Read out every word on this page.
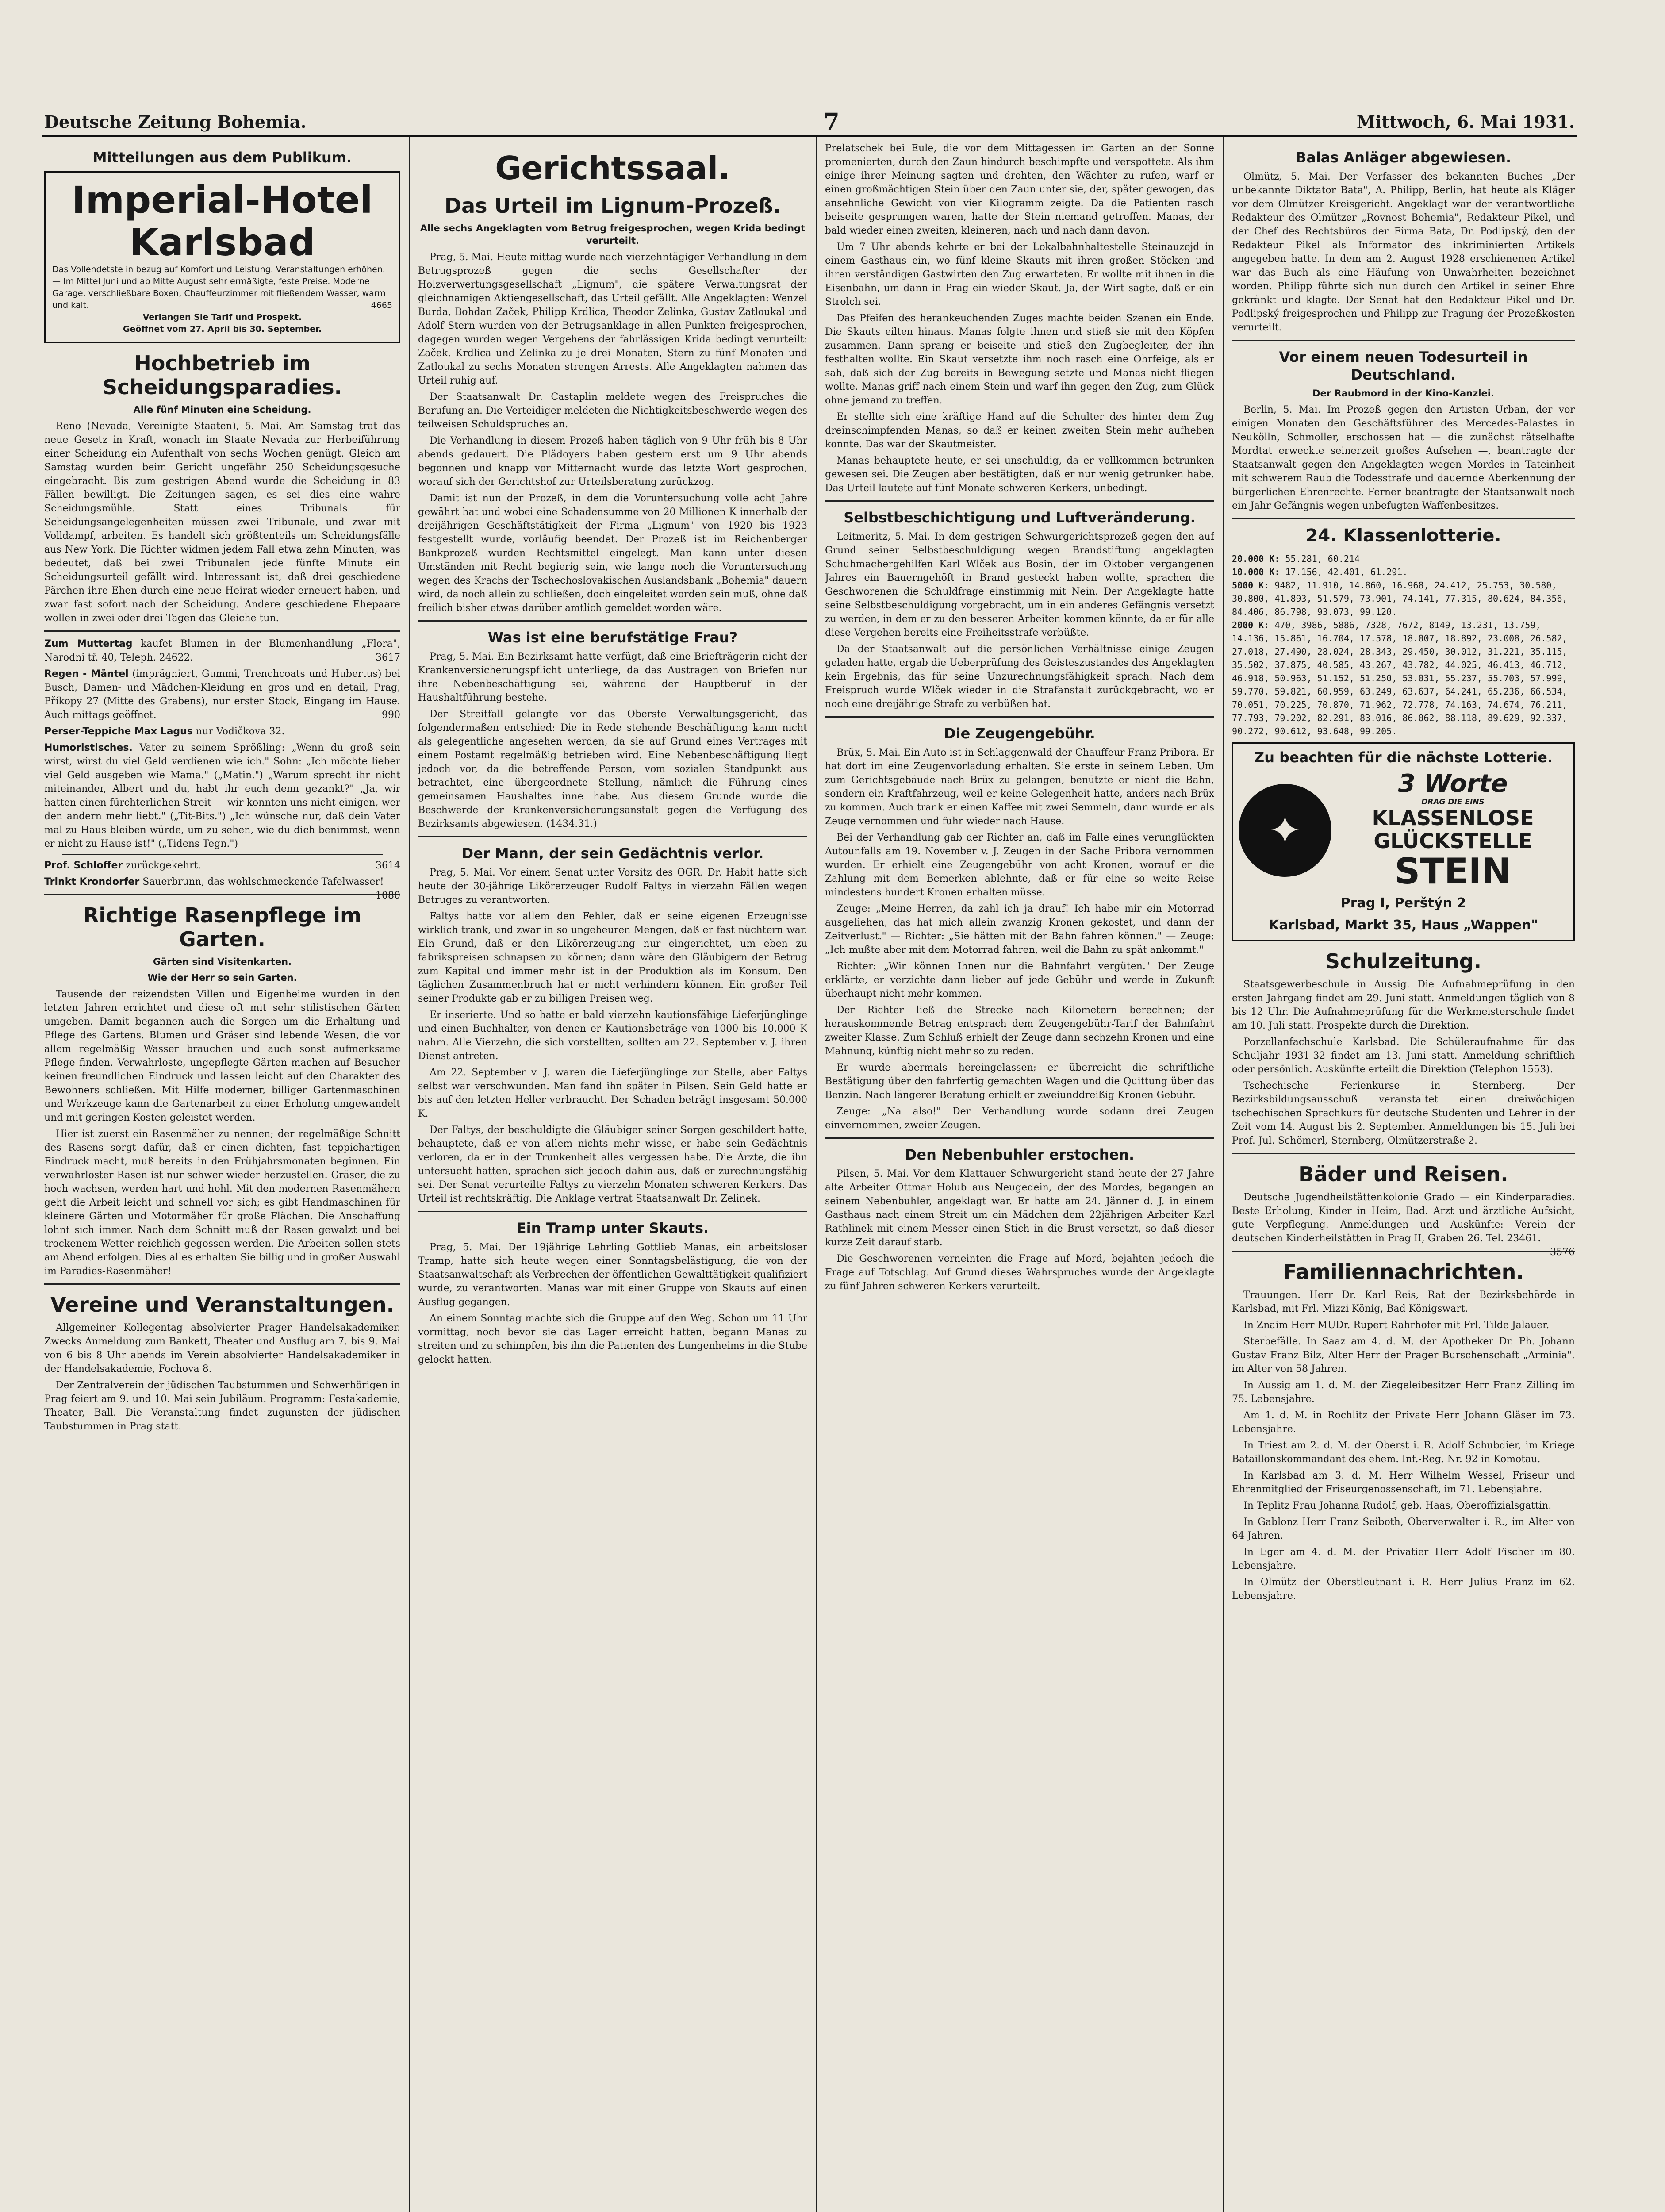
Deutsche Zeitung Bohemia.	7	Mittwoch, 6. Mai 1931.
Mitteilungen aus dem Publikum.
Imperial-Hotel
Karlsbad
Das Vollendetste in bezug auf Komfort und Leistung. Veranstaltungen erhöhen. — Im Mittel Juni und ab Mitte August sehr ermäßigte, feste Preise. Moderne Garage, verschließbare Boxen, Chauffeurzimmer mit fließendem Wasser, warm und kalt.	4665
Verlangen Sie Tarif und Prospekt.
Geöffnet vom 27. April bis 30. September.
Hochbetrieb im Scheidungsparadies.
Alle fünf Minuten eine Scheidung.

Reno (Nevada, Vereinigte Staaten), 5. Mai. Am Samstag trat das neue Gesetz in Kraft, wonach im Staate Nevada zur Herbeiführung einer Scheidung ein Aufenthalt von sechs Wochen genügt. Gleich am Samstag wurden beim Gericht ungefähr 250 Scheidungsgesuche eingebracht. Bis zum gestrigen Abend wurde die Scheidung in 83 Fällen bewilligt. Die Zeitungen sagen, es sei dies eine wahre Scheidungsmühle. Statt eines Tribunals für Scheidungsangelegenheiten müssen zwei Tribunale, und zwar mit Volldampf, arbeiten. Es handelt sich größtenteils um Scheidungsfälle aus New York. Die Richter widmen jedem Fall etwa zehn Minuten, was bedeutet, daß bei zwei Tribunalen jede fünfte Minute ein Scheidungsurteil gefällt wird. Interessant ist, daß drei geschiedene Pärchen ihre Ehen durch eine neue Heirat wieder erneuert haben, und zwar fast sofort nach der Scheidung. Andere geschiedene Ehepaare wollen in zwei oder drei Tagen das Gleiche tun.

Zum Muttertag kaufet Blumen in der Blumenhandlung „Flora", Narodni tř. 40, Teleph. 24622.	3617
Regen - Mäntel (imprägniert, Gummi, Trenchcoats und Hubertus) bei Busch, Damen- und Mädchen-Kleidung en gros und en detail, Prag, Příkopy 27 (Mitte des Grabens), nur erster Stock, Eingang im Hause. Auch mittags geöffnet.	990
Perser-Teppiche Max Lagus nur Vodičkova 32.
Humoristisches. Vater zu seinem Sprößling: „Wenn du groß sein wirst, wirst du viel Geld verdienen wie ich." Sohn: „Ich möchte lieber viel Geld ausgeben wie Mama." („Matin.") „Warum sprecht ihr nicht miteinander, Albert und du, habt ihr euch denn gezankt?" „Ja, wir hatten einen fürchterlichen Streit — wir konnten uns nicht einigen, wer den andern mehr liebt." („Tit-Bits.") „Ich wünsche nur, daß dein Vater mal zu Haus bleiben würde, um zu sehen, wie du dich benimmst, wenn er nicht zu Hause ist!" („Tidens Tegn.")
Prof. Schloffer zurückgekehrt.	3614
Trinkt Krondorfer Sauerbrunn, das wohlschmeckende Tafelwasser!
1080
Richtige Rasenpflege im Garten.
Gärten sind Visitenkarten.
Wie der Herr so sein Garten.

Tausende der reizendsten Villen und Eigenheime wurden in den letzten Jahren errichtet und diese oft mit sehr stilistischen Gärten umgeben. Damit begannen auch die Sorgen um die Erhaltung und Pflege des Gartens. Blumen und Gräser sind lebende Wesen, die vor allem regelmäßig Wasser brauchen und auch sonst aufmerksame Pflege finden. Verwahrloste, ungepflegte Gärten machen auf Besucher keinen freundlichen Eindruck und lassen leicht auf den Charakter des Bewohners schließen. Mit Hilfe moderner, billiger Gartenmaschinen und Werkzeuge kann die Gartenarbeit zu einer Erholung umgewandelt und mit geringen Kosten geleistet werden.

Hier ist zuerst ein Rasenmäher zu nennen; der regelmäßige Schnitt des Rasens sorgt dafür, daß er einen dichten, fast teppichartigen Eindruck macht, muß bereits in den Frühjahrsmonaten beginnen. Ein verwahrloster Rasen ist nur schwer wieder herzustellen. Gräser, die zu hoch wachsen, werden hart und hohl. Mit den modernen Rasenmähern geht die Arbeit leicht und schnell vor sich; es gibt Handmaschinen für kleinere Gärten und Motormäher für große Flächen. Die Anschaffung lohnt sich immer. Nach dem Schnitt muß der Rasen gewalzt und bei trockenem Wetter reichlich gegossen werden. Die Arbeiten sollen stets am Abend erfolgen. Dies alles erhalten Sie billig und in großer Auswahl im Paradies-Rasenmäher!

Vereine und Veranstaltungen.

Allgemeiner Kollegentag absolvierter Prager Handelsakademiker. Zwecks Anmeldung zum Bankett, Theater und Ausflug am 7. bis 9. Mai von 6 bis 8 Uhr abends im Verein absolvierter Handelsakademiker in der Handelsakademie, Fochova 8.

Der Zentralverein der jüdischen Taubstummen und Schwerhörigen in Prag feiert am 9. und 10. Mai sein Jubiläum. Programm: Festakademie, Theater, Ball. Die Veranstaltung findet zugunsten der jüdischen Taubstummen in Prag statt.

Gerichtssaal.
Das Urteil im Lignum-Prozeß.
Alle sechs Angeklagten vom Betrug freigesprochen, wegen Krida bedingt verurteilt.

Prag, 5. Mai. Heute mittag wurde nach vierzehntägiger Verhandlung in dem Betrugsprozeß gegen die sechs Gesellschafter der Holzverwertungsgesellschaft „Lignum", die spätere Verwaltungsrat der gleichnamigen Aktiengesellschaft, das Urteil gefällt. Alle Angeklagten: Wenzel Burda, Bohdan Začek, Philipp Krdlica, Theodor Zelinka, Gustav Zatloukal und Adolf Stern wurden von der Betrugsanklage in allen Punkten freigesprochen, dagegen wurden wegen Vergehens der fahrlässigen Krida bedingt verurteilt: Začek, Krdlica und Zelinka zu je drei Monaten, Stern zu fünf Monaten und Zatloukal zu sechs Monaten strengen Arrests. Alle Angeklagten nahmen das Urteil ruhig auf.

Der Staatsanwalt Dr. Castaplin meldete wegen des Freispruches die Berufung an. Die Verteidiger meldeten die Nichtigkeitsbeschwerde wegen des teilweisen Schuldspruches an.

Die Verhandlung in diesem Prozeß haben täglich von 9 Uhr früh bis 8 Uhr abends gedauert. Die Plädoyers haben gestern erst um 9 Uhr abends begonnen und knapp vor Mitternacht wurde das letzte Wort gesprochen, worauf sich der Gerichtshof zur Urteilsberatung zurückzog.

Damit ist nun der Prozeß, in dem die Voruntersuchung volle acht Jahre gewährt hat und wobei eine Schadensumme von 20 Millionen K innerhalb der dreijährigen Geschäftstätigkeit der Firma „Lignum" von 1920 bis 1923 festgestellt wurde, vorläufig beendet. Der Prozeß ist im Reichenberger Bankprozeß wurden Rechtsmittel eingelegt. Man kann unter diesen Umständen mit Recht begierig sein, wie lange noch die Voruntersuchung wegen des Krachs der Tschechoslovakischen Auslandsbank „Bohemia" dauern wird, da noch allein zu schließen, doch eingeleitet worden sein muß, ohne daß freilich bisher etwas darüber amtlich gemeldet worden wäre.

Was ist eine berufstätige Frau?

Prag, 5. Mai. Ein Bezirksamt hatte verfügt, daß eine Briefträgerin nicht der Krankenversicherungspflicht unterliege, da das Austragen von Briefen nur ihre Nebenbeschäftigung sei, während der Hauptberuf in der Haushaltführung bestehe.

Der Streitfall gelangte vor das Oberste Verwaltungsgericht, das folgendermaßen entschied: Die in Rede stehende Beschäftigung kann nicht als gelegentliche angesehen werden, da sie auf Grund eines Vertrages mit einem Postamt regelmäßig betrieben wird. Eine Nebenbeschäftigung liegt jedoch vor, da die betreffende Person, vom sozialen Standpunkt aus betrachtet, eine übergeordnete Stellung, nämlich die Führung eines gemeinsamen Haushaltes inne habe. Aus diesem Grunde wurde die Beschwerde der Krankenversicherungsanstalt gegen die Verfügung des Bezirksamts abgewiesen. (1434.31.)

Der Mann, der sein Gedächtnis verlor.

Prag, 5. Mai. Vor einem Senat unter Vorsitz des OGR. Dr. Habit hatte sich heute der 30-jährige Likörerzeuger Rudolf Faltys in vierzehn Fällen wegen Betruges zu verantworten.

Faltys hatte vor allem den Fehler, daß er seine eigenen Erzeugnisse wirklich trank, und zwar in so ungeheuren Mengen, daß er fast nüchtern war. Ein Grund, daß er den Likörerzeugung nur eingerichtet, um eben zu fabrikspreisen schnapsen zu können; dann wäre den Gläubigern der Betrug zum Kapital und immer mehr ist in der Produktion als im Konsum. Den täglichen Zusammenbruch hat er nicht verhindern können. Ein großer Teil seiner Produkte gab er zu billigen Preisen weg.

Er inserierte. Und so hatte er bald vierzehn kautionsfähige Lieferjünglinge und einen Buchhalter, von denen er Kautionsbeträge von 1000 bis 10.000 K nahm. Alle Vierzehn, die sich vorstellten, sollten am 22. September v. J. ihren Dienst antreten.

Am 22. September v. J. waren die Lieferjünglinge zur Stelle, aber Faltys selbst war verschwunden. Man fand ihn später in Pilsen. Sein Geld hatte er bis auf den letzten Heller verbraucht. Der Schaden beträgt insgesamt 50.000 K.

Der Faltys, der beschuldigte die Gläubiger seiner Sorgen geschildert hatte, behauptete, daß er von allem nichts mehr wisse, er habe sein Gedächtnis verloren, da er in der Trunkenheit alles vergessen habe. Die Ärzte, die ihn untersucht hatten, sprachen sich jedoch dahin aus, daß er zurechnungsfähig sei. Der Senat verurteilte Faltys zu vierzehn Monaten schweren Kerkers. Das Urteil ist rechtskräftig. Die Anklage vertrat Staatsanwalt Dr. Zelinek.

Ein Tramp unter Skauts.

Prag, 5. Mai. Der 19jährige Lehrling Gottlieb Manas, ein arbeitsloser Tramp, hatte sich heute wegen einer Sonntagsbelästigung, die von der Staatsanwaltschaft als Verbrechen der öffentlichen Gewalttätigkeit qualifiziert wurde, zu verantworten. Manas war mit einer Gruppe von Skauts auf einen Ausflug gegangen.

An einem Sonntag machte sich die Gruppe auf den Weg. Schon um 11 Uhr vormittag, noch bevor sie das Lager erreicht hatten, begann Manas zu streiten und zu schimpfen, bis ihn die Patienten des Lungenheims in die Stube gelockt hatten.

Prelatschek bei Eule, die vor dem Mittagessen im Garten an der Sonne promenierten, durch den Zaun hindurch beschimpfte und verspottete. Als ihm einige ihrer Meinung sagten und drohten, den Wächter zu rufen, warf er einen großmächtigen Stein über den Zaun unter sie, der, später gewogen, das ansehnliche Gewicht von vier Kilogramm zeigte. Da die Patienten rasch beiseite gesprungen waren, hatte der Stein niemand getroffen. Manas, der bald wieder einen zweiten, kleineren, nach und nach dann davon.

Um 7 Uhr abends kehrte er bei der Lokalbahnhaltestelle Steinauzejd in einem Gasthaus ein, wo fünf kleine Skauts mit ihren großen Stöcken und ihren verständigen Gastwirten den Zug erwarteten. Er wollte mit ihnen in die Eisenbahn, um dann in Prag ein wieder Skaut. Ja, der Wirt sagte, daß er ein Strolch sei.

Das Pfeifen des herankeuchenden Zuges machte beiden Szenen ein Ende. Die Skauts eilten hinaus. Manas folgte ihnen und stieß sie mit den Köpfen zusammen. Dann sprang er beiseite und stieß den Zugbegleiter, der ihn festhalten wollte. Ein Skaut versetzte ihm noch rasch eine Ohrfeige, als er sah, daß sich der Zug bereits in Bewegung setzte und Manas nicht fliegen wollte. Manas griff nach einem Stein und warf ihn gegen den Zug, zum Glück ohne jemand zu treffen.

Er stellte sich eine kräftige Hand auf die Schulter des hinter dem Zug dreinschimpfenden Manas, so daß er keinen zweiten Stein mehr aufheben konnte. Das war der Skautmeister.

Manas behauptete heute, er sei unschuldig, da er vollkommen betrunken gewesen sei. Die Zeugen aber bestätigten, daß er nur wenig getrunken habe. Das Urteil lautete auf fünf Monate schweren Kerkers, unbedingt.

Selbstbeschichtigung und Luftveränderung.

Leitmeritz, 5. Mai. In dem gestrigen Schwurgerichtsprozeß gegen den auf Grund seiner Selbstbeschuldigung wegen Brandstiftung angeklagten Schuhmachergehilfen Karl Wlček aus Bosin, der im Oktober vergangenen Jahres ein Bauerngehöft in Brand gesteckt haben wollte, sprachen die Geschworenen die Schuldfrage einstimmig mit Nein. Der Angeklagte hatte seine Selbstbeschuldigung vorgebracht, um in ein anderes Gefängnis versetzt zu werden, in dem er zu den besseren Arbeiten kommen könnte, da er für alle diese Vergehen bereits eine Freiheitsstrafe verbüßte.

Da der Staatsanwalt auf die persönlichen Verhältnisse einige Zeugen geladen hatte, ergab die Ueberprüfung des Geisteszustandes des Angeklagten kein Ergebnis, das für seine Unzurechnungsfähigkeit sprach. Nach dem Freispruch wurde Wlček wieder in die Strafanstalt zurückgebracht, wo er noch eine dreijährige Strafe zu verbüßen hat.

Die Zeugengebühr.

Brüx, 5. Mai. Ein Auto ist in Schlaggenwald der Chauffeur Franz Pribora. Er hat dort im eine Zeugenvorladung erhalten. Sie erste in seinem Leben. Um zum Gerichtsgebäude nach Brüx zu gelangen, benützte er nicht die Bahn, sondern ein Kraftfahrzeug, weil er keine Gelegenheit hatte, anders nach Brüx zu kommen. Auch trank er einen Kaffee mit zwei Semmeln, dann wurde er als Zeuge vernommen und fuhr wieder nach Hause.

Bei der Verhandlung gab der Richter an, daß im Falle eines verunglückten Autounfalls am 19. November v. J. Zeugen in der Sache Pribora vernommen wurden. Er erhielt eine Zeugengebühr von acht Kronen, worauf er die Zahlung mit dem Bemerken ablehnte, daß er für eine so weite Reise mindestens hundert Kronen erhalten müsse.

Zeuge: „Meine Herren, da zahl ich ja drauf! Ich habe mir ein Motorrad ausgeliehen, das hat mich allein zwanzig Kronen gekostet, und dann der Zeitverlust." — Richter: „Sie hätten mit der Bahn fahren können." — Zeuge: „Ich mußte aber mit dem Motorrad fahren, weil die Bahn zu spät ankommt."

Richter: „Wir können Ihnen nur die Bahnfahrt vergüten." Der Zeuge erklärte, er verzichte dann lieber auf jede Gebühr und werde in Zukunft überhaupt nicht mehr kommen.

Der Richter ließ die Strecke nach Kilometern berechnen; der herauskommende Betrag entsprach dem Zeugengebühr-Tarif der Bahnfahrt zweiter Klasse. Zum Schluß erhielt der Zeuge dann sechzehn Kronen und eine Mahnung, künftig nicht mehr so zu reden.

Er wurde abermals hereingelassen; er überreicht die schriftliche Bestätigung über den fahrfertig gemachten Wagen und die Quittung über das Benzin. Nach längerer Beratung erhielt er zweiunddreißig Kronen Gebühr.

Zeuge: „Na also!" Der Verhandlung wurde sodann drei Zeugen einvernommen, zweier Zeugen.

Den Nebenbuhler erstochen.

Pilsen, 5. Mai. Vor dem Klattauer Schwurgericht stand heute der 27 Jahre alte Arbeiter Ottmar Holub aus Neugedein, der des Mordes, begangen an seinem Nebenbuhler, angeklagt war. Er hatte am 24. Jänner d. J. in einem Gasthaus nach einem Streit um ein Mädchen dem 22jährigen Arbeiter Karl Rathlinek mit einem Messer einen Stich in die Brust versetzt, so daß dieser kurze Zeit darauf starb.

Die Geschworenen verneinten die Frage auf Mord, bejahten jedoch die Frage auf Totschlag. Auf Grund dieses Wahrspruches wurde der Angeklagte zu fünf Jahren schweren Kerkers verurteilt.

Balas Anläger abgewiesen.

Olmütz, 5. Mai. Der Verfasser des bekannten Buches „Der unbekannte Diktator Bata", A. Philipp, Berlin, hat heute als Kläger vor dem Olmützer Kreisgericht. Angeklagt war der verantwortliche Redakteur des Olmützer „Rovnost Bohemia", Redakteur Pikel, und der Chef des Rechtsbüros der Firma Bata, Dr. Podlipský, den der Redakteur Pikel als Informator des inkriminierten Artikels angegeben hatte. In dem am 2. August 1928 erschienenen Artikel war das Buch als eine Häufung von Unwahrheiten bezeichnet worden. Philipp führte sich nun durch den Artikel in seiner Ehre gekränkt und klagte. Der Senat hat den Redakteur Pikel und Dr. Podlipský freigesprochen und Philipp zur Tragung der Prozeßkosten verurteilt.

Vor einem neuen Todesurteil in Deutschland.
Der Raubmord in der Kino-Kanzlei.

Berlin, 5. Mai. Im Prozeß gegen den Artisten Urban, der vor einigen Monaten den Geschäftsführer des Mercedes-Palastes in Neukölln, Schmoller, erschossen hat — die zunächst rätselhafte Mordtat erweckte seinerzeit großes Aufsehen —, beantragte der Staatsanwalt gegen den Angeklagten wegen Mordes in Tateinheit mit schwerem Raub die Todesstrafe und dauernde Aberkennung der bürgerlichen Ehrenrechte. Ferner beantragte der Staatsanwalt noch ein Jahr Gefängnis wegen unbefugten Waffenbesitzes.

24. Klassenlotterie.
20.000 K: 55.281, 60.214
10.000 K: 17.156, 42.401, 61.291.
5000 K: 9482, 11.910, 14.860, 16.968, 24.412, 25.753, 30.580, 30.800, 41.893, 51.579, 73.901, 74.141, 77.315, 80.624, 84.356, 84.406, 86.798, 93.073, 99.120.
2000 K: 470, 3986, 5886, 7328, 7672, 8149, 13.231, 13.759, 14.136, 15.861, 16.704, 17.578, 18.007, 18.892, 23.008, 26.582, 27.018, 27.490, 28.024, 28.343, 29.450, 30.012, 31.221, 35.115, 35.502, 37.875, 40.585, 43.267, 43.782, 44.025, 46.413, 46.712, 46.918, 50.963, 51.152, 51.250, 53.031, 55.237, 55.703, 57.999, 59.770, 59.821, 60.959, 63.249, 63.637, 64.241, 65.236, 66.534, 70.051, 70.225, 70.870, 71.962, 72.778, 74.163, 74.674, 76.211, 77.793, 79.202, 82.291, 83.016, 86.062, 88.118, 89.629, 92.337, 90.272, 90.612, 93.648, 99.205.
Zu beachten für die nächste Lotterie.
✦
3 Worte
DRAG DIE EINS
KLASSENLOSE
GLÜCKSTELLE
STEIN
Prag I, Perštýn 2
Karlsbad, Markt 35, Haus „Wappen"
Schulzeitung.

Staatsgewerbeschule in Aussig. Die Aufnahmeprüfung in den ersten Jahrgang findet am 29. Juni statt. Anmeldungen täglich von 8 bis 12 Uhr. Die Aufnahmeprüfung für die Werkmeisterschule findet am 10. Juli statt. Prospekte durch die Direktion.

Porzellanfachschule Karlsbad. Die Schüleraufnahme für das Schuljahr 1931-32 findet am 13. Juni statt. Anmeldung schriftlich oder persönlich. Auskünfte erteilt die Direktion (Telephon 1553).

Tschechische Ferienkurse in Sternberg. Der Bezirksbildungsausschuß veranstaltet einen dreiwöchigen tschechischen Sprachkurs für deutsche Studenten und Lehrer in der Zeit vom 14. August bis 2. September. Anmeldungen bis 15. Juli bei Prof. Jul. Schömerl, Sternberg, Olmützerstraße 2.

Bäder und Reisen.

Deutsche Jugendheilstättenkolonie Grado — ein Kinderparadies. Beste Erholung, Kinder in Heim, Bad. Arzt und ärztliche Aufsicht, gute Verpflegung. Anmeldungen und Auskünfte: Verein der deutschen Kinderheilstätten in Prag II, Graben 26. Tel. 23461.
3576

Familiennachrichten.

Trauungen. Herr Dr. Karl Reis, Rat der Bezirksbehörde in Karlsbad, mit Frl. Mizzi König, Bad Königswart.

In Znaim Herr MUDr. Rupert Rahrhofer mit Frl. Tilde Jalauer.

Sterbefälle. In Saaz am 4. d. M. der Apotheker Dr. Ph. Johann Gustav Franz Bilz, Alter Herr der Prager Burschenschaft „Arminia", im Alter von 58 Jahren.

In Aussig am 1. d. M. der Ziegeleibesitzer Herr Franz Zilling im 75. Lebensjahre.

Am 1. d. M. in Rochlitz der Private Herr Johann Gläser im 73. Lebensjahre.

In Triest am 2. d. M. der Oberst i. R. Adolf Schubdier, im Kriege Bataillonskommandant des ehem. Inf.-Reg. Nr. 92 in Komotau.

In Karlsbad am 3. d. M. Herr Wilhelm Wessel, Friseur und Ehrenmitglied der Friseurgenossenschaft, im 71. Lebensjahre.

In Teplitz Frau Johanna Rudolf, geb. Haas, Oberoffizialsgattin.

In Gablonz Herr Franz Seiboth, Oberverwalter i. R., im Alter von 64 Jahren.

In Eger am 4. d. M. der Privatier Herr Adolf Fischer im 80. Lebensjahre.

In Olmütz der Oberstleutnant i. R. Herr Julius Franz im 62. Lebensjahre.
